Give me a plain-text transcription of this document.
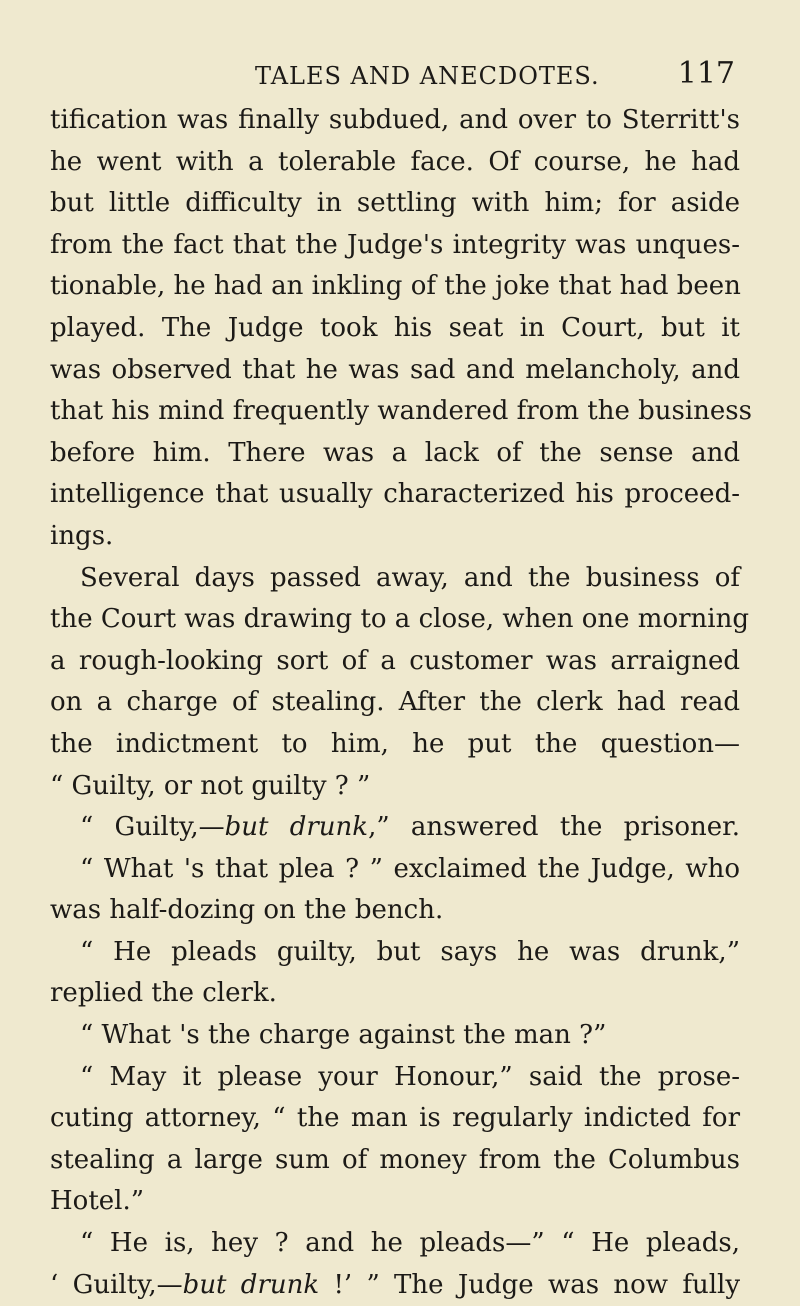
TALES AND ANECDOTES.	117
tification was finally subdued, and over to Sterritt's
he went with a tolerable face. Of course, he had
but little difficulty in settling with him; for aside
from the fact that the Judge's integrity was unques-
tionable, he had an inkling of the joke that had been
played. The Judge took his seat in Court, but it
was observed that he was sad and melancholy, and
that his mind frequently wandered from the business
before him. There was a lack of the sense and
intelligence that usually characterized his proceed-
ings.
Several days passed away, and the business of
the Court was drawing to a close, when one morning
a rough-looking sort of a customer was arraigned
on a charge of stealing. After the clerk had read
the indictment to him, he put the question—
“ Guilty, or not guilty ? ”
“ Guilty,—but drunk,” answered the prisoner.
“ What 's that plea ? ” exclaimed the Judge, who
was half-dozing on the bench.
“ He pleads guilty, but says he was drunk,”
replied the clerk.
“ What 's the charge against the man ?”
“ May it please your Honour,” said the prose-
cuting attorney, “ the man is regularly indicted for
stealing a large sum of money from the Columbus
Hotel.”
“ He is, hey ? and he pleads—” “ He pleads,
‘ Guilty,—but drunk !’ ” The Judge was now fully
